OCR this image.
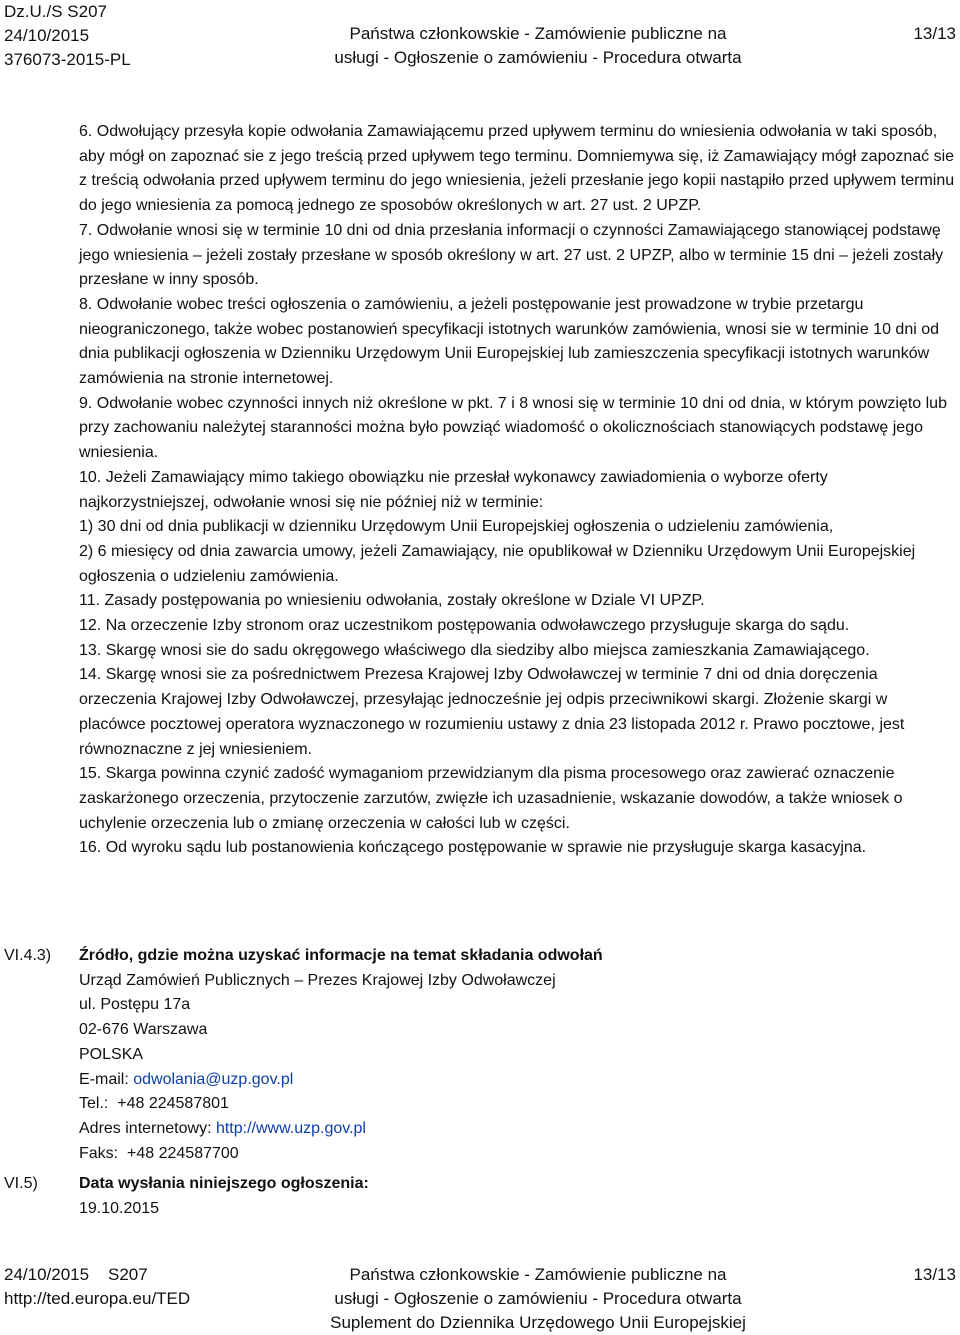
Dz.U./S S207
24/10/2015
376073-2015-PL
Państwa członkowskie - Zamówienie publiczne na
usługi - Ogłoszenie o zamówieniu - Procedura otwarta
13/13

6. Odwołujący przesyła kopie odwołania Zamawiającemu przed upływem terminu do wniesienia odwołania w taki sposób, aby mógł on zapoznać sie z jego treścią przed upływem tego terminu. Domniemywa się, iż Zamawiający mógł zapoznać sie z treścią odwołania przed upływem terminu do jego wniesienia, jeżeli przesłanie jego kopii nastąpiło przed upływem terminu do jego wniesienia za pomocą jednego ze sposobów określonych w art. 27 ust. 2 UPZP.

7. Odwołanie wnosi się w terminie 10 dni od dnia przesłania informacji o czynności Zamawiającego stanowiącej podstawę jego wniesienia – jeżeli zostały przesłane w sposób określony w art. 27 ust. 2 UPZP, albo w terminie 15 dni – jeżeli zostały przesłane w inny sposób.

8. Odwołanie wobec treści ogłoszenia o zamówieniu, a jeżeli postępowanie jest prowadzone w trybie przetargu nieograniczonego, także wobec postanowień specyfikacji istotnych warunków zamówienia, wnosi sie w terminie 10 dni od dnia publikacji ogłoszenia w Dzienniku Urzędowym Unii Europejskiej lub zamieszczenia specyfikacji istotnych warunków zamówienia na stronie internetowej.

9. Odwołanie wobec czynności innych niż określone w pkt. 7 i 8 wnosi się w terminie 10 dni od dnia, w którym powzięto lub przy zachowaniu należytej staranności można było powziąć wiadomość o okolicznościach stanowiących podstawę jego wniesienia.

10. Jeżeli Zamawiający mimo takiego obowiązku nie przesłał wykonawcy zawiadomienia o wyborze oferty najkorzystniejszej, odwołanie wnosi się nie później niż w terminie:

1) 30 dni od dnia publikacji w dzienniku Urzędowym Unii Europejskiej ogłoszenia o udzieleniu zamówienia,

2) 6 miesięcy od dnia zawarcia umowy, jeżeli Zamawiający, nie opublikował w Dzienniku Urzędowym Unii Europejskiej ogłoszenia o udzieleniu zamówienia.

11. Zasady postępowania po wniesieniu odwołania, zostały określone w Dziale VI UPZP.

12. Na orzeczenie Izby stronom oraz uczestnikom postępowania odwoławczego przysługuje skarga do sądu.

13. Skargę wnosi sie do sadu okręgowego właściwego dla siedziby albo miejsca zamieszkania Zamawiającego.

14. Skargę wnosi sie za pośrednictwem Prezesa Krajowej Izby Odwoławczej w terminie 7 dni od dnia doręczenia orzeczenia Krajowej Izby Odwoławczej, przesyłając jednocześnie jej odpis przeciwnikowi skargi. Złożenie skargi w placówce pocztowej operatora wyznaczonego w rozumieniu ustawy z dnia 23 listopada 2012 r. Prawo pocztowe, jest równoznaczne z jej wniesieniem.

15. Skarga powinna czynić zadość wymaganiom przewidzianym dla pisma procesowego oraz zawierać oznaczenie zaskarżonego orzeczenia, przytoczenie zarzutów, zwięzłe ich uzasadnienie, wskazanie dowodów, a także wniosek o uchylenie orzeczenia lub o zmianę orzeczenia w całości lub w części.

16. Od wyroku sądu lub postanowienia kończącego postępowanie w sprawie nie przysługuje skarga kasacyjna.

VI.4.3) Źródło, gdzie można uzyskać informacje na temat składania odwołań

Urząd Zamówień Publicznych – Prezes Krajowej Izby Odwoławczej

ul. Postępu 17a

02-676 Warszawa

POLSKA

E-mail: odwolania@uzp.gov.pl

Tel.:  +48 224587801

Adres internetowy: http://www.uzp.gov.pl

Faks:  +48 224587700

VI.5)	Data wysłania niniejszego ogłoszenia:

19.10.2015

24/10/2015    S207
http://ted.europa.eu/TED
Państwa członkowskie - Zamówienie publiczne na
usługi - Ogłoszenie o zamówieniu - Procedura otwarta
Suplement do Dziennika Urzędowego Unii Europejskiej
13/13
